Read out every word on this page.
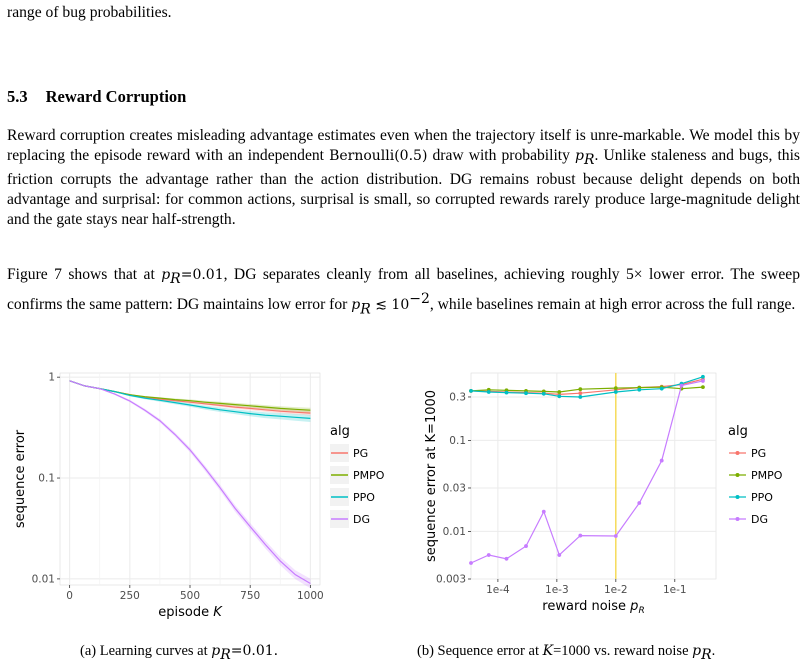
range of bug probabilities.

5.3 Reward Corruption

Reward corruption creates misleading advantage estimates even when the trajectory itself is unre-markable. We model this by replacing the episode reward with an independent Bernoulli(0.5) draw with probability $p_R$. Unlike staleness and bugs, this friction corrupts the advantage rather than the action distribution. DG remains robust because delight depends on both advantage and surprisal: for common actions, surprisal is small, so corrupted rewards rarely produce large-magnitude delight and the gate stays near half-strength.

Figure 7 shows that at $p_R=0.01$, DG separates cleanly from all baselines, achieving roughly 5× lower error. The sweep confirms the same pattern: DG maintains low error for $p_R$ ≲ $10^{-2}$, while baselines remain at high error across the full range.

0	250	500	750	1000
1
0.1
0.01
episode K
sequence error	alg
PG
PMPO
PPO
DG
1e-4	1e-3	1e-2	1e-1
0.3
0.1
0.03
0.01
0.003
reward noise $p_R$
sequence error at K=1000	alg
PG
PMPO
PPO
DG
(a) Learning curves at $p_R=0.01$.	(b) Sequence error at K=1000 vs. reward noise $p_R$.
